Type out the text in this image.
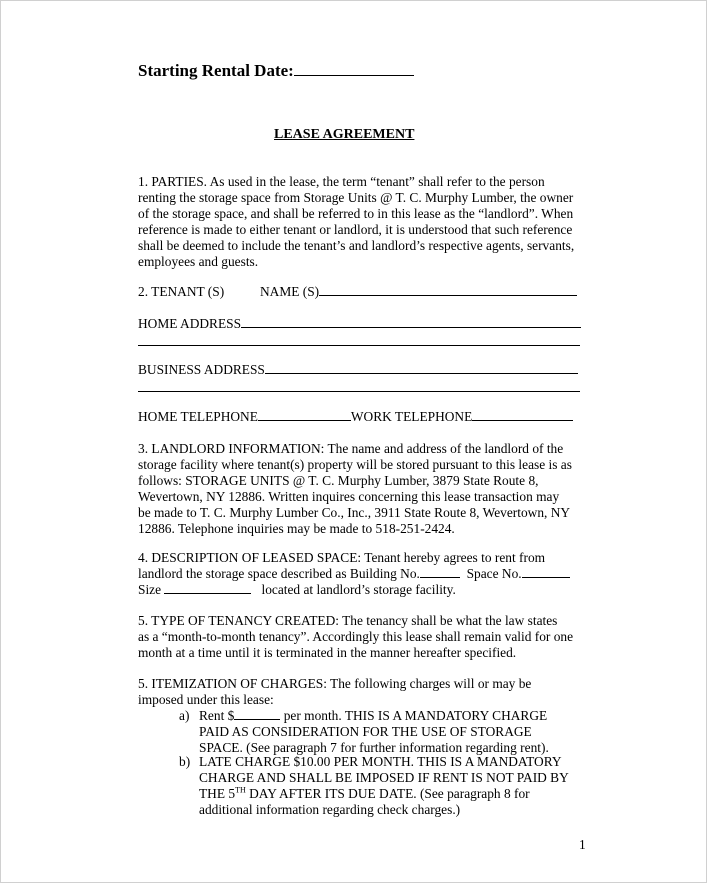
Starting Rental Date:
LEASE AGREEMENT
1. PARTIES. As used in the lease, the term “tenant” shall refer to the person
renting the storage space from Storage Units @ T. C. Murphy Lumber, the owner
of the storage space, and shall be referred to in this lease as the “landlord”. When
reference is made to either tenant or landlord, it is understood that such reference
shall be deemed to include the tenant’s and landlord’s respective agents, servants,
employees and guests.
2. TENANT (S)	NAME (S)
HOME ADDRESS
BUSINESS ADDRESS
HOME TELEPHONE	WORK TELEPHONE
3. LANDLORD INFORMATION: The name and address of the landlord of the
storage facility where tenant(s) property will be stored pursuant to this lease is as
follows: STORAGE UNITS @ T. C. Murphy Lumber, 3879 State Route 8,
Wevertown, NY 12886. Written inquires concerning this lease transaction may
be made to T. C. Murphy Lumber Co., Inc., 3911 State Route 8, Wevertown, NY
12886. Telephone inquiries may be made to 518-251-2424.
4. DESCRIPTION OF LEASED SPACE: Tenant hereby agrees to rent from
landlord the storage space described as Building No.	Space No.
Size	located at landlord’s storage facility.
5. TYPE OF TENANCY CREATED: The tenancy shall be what the law states
as a “month-to-month tenancy”. Accordingly this lease shall remain valid for one
month at a time until it is terminated in the manner hereafter specified.
5. ITEMIZATION OF CHARGES: The following charges will or may be
imposed under this lease:
a) Rent $	per month. THIS IS A MANDATORY CHARGE
PAID AS CONSIDERATION FOR THE USE OF STORAGE
SPACE. (See paragraph 7 for further information regarding rent).
b) LATE CHARGE $10.00 PER MONTH. THIS IS A MANDATORY
CHARGE AND SHALL BE IMPOSED IF RENT IS NOT PAID BY
THE 5TH DAY AFTER ITS DUE DATE. (See paragraph 8 for
additional information regarding check charges.)
1
